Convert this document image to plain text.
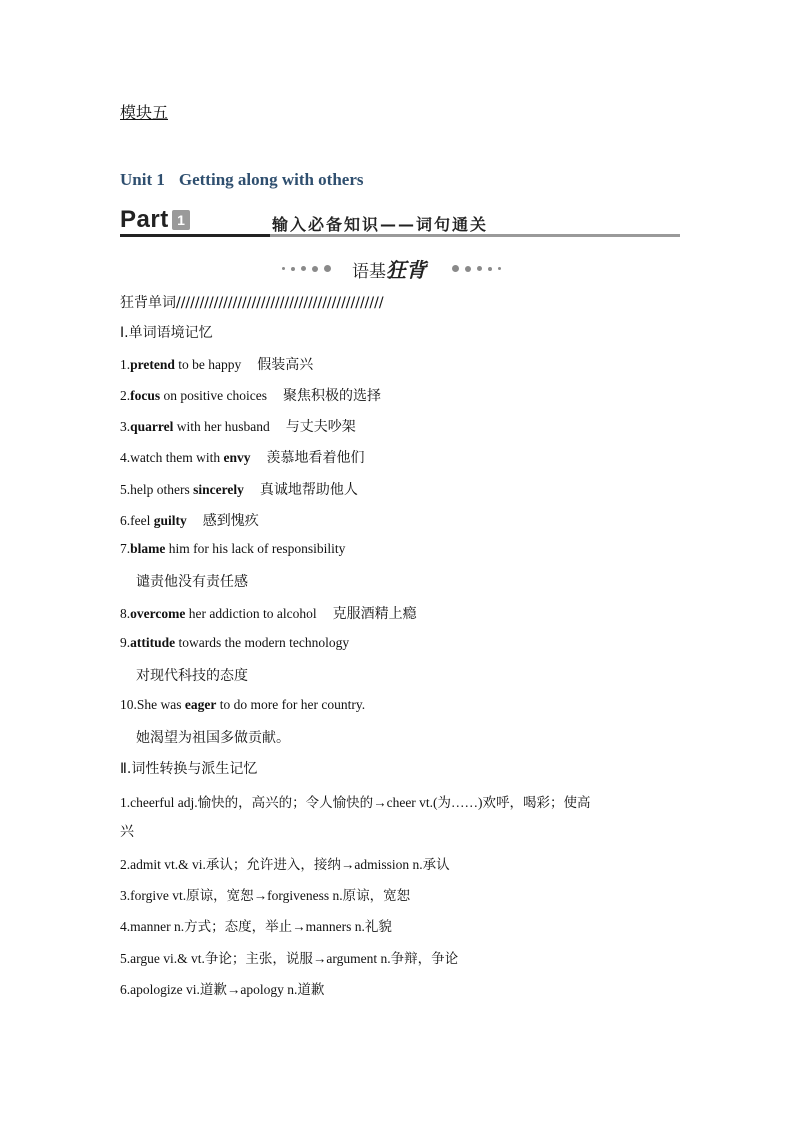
模块五
Unit 1 Getting along with others
Part 1	输入必备知识——词句通关
语基狂背
狂背单词////////////////////////////////////////////
Ⅰ.单词语境记忆
1.pretend to be happy 假装高兴
2.focus on positive choices 聚焦积极的选择
3.quarrel with her husband 与丈夫吵架
4.watch them with envy 羡慕地看着他们
5.help others sincerely 真诚地帮助他人
6.feel guilty 感到愧疚
7.blame him for his lack of responsibility
谴责他没有责任感
8.overcome her addiction to alcohol 克服酒精上瘾
9.attitude towards the modern technology
对现代科技的态度
10.She was eager to do more for her country.
她渴望为祖国多做贡献。
Ⅱ.词性转换与派生记忆
1.cheerful adj.愉快的，高兴的；令人愉快的→cheer vt.(为……)欢呼，喝彩；使高
兴
2.admit vt.& vi.承认；允许进入，接纳→admission n.承认
3.forgive vt.原谅，宽恕→forgiveness n.原谅，宽恕
4.manner n.方式；态度，举止→manners n.礼貌
5.argue vi.& vt.争论；主张，说服→argument n.争辩，争论
6.apologize vi.道歉→apology n.道歉
